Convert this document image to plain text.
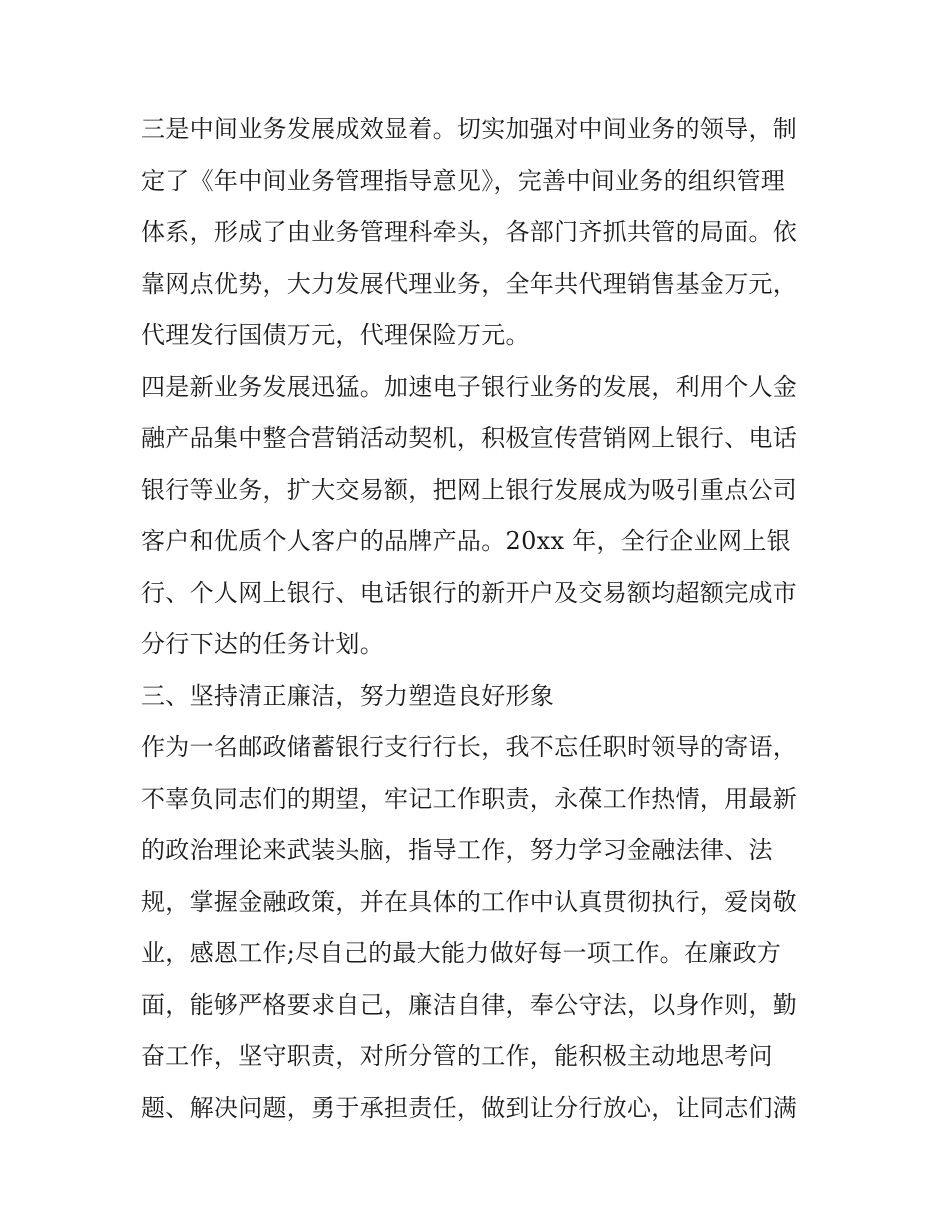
三是中间业务发展成效显着。切实加强对中间业务的领导，制
定了《年中间业务管理指导意见》，完善中间业务的组织管理
体系，形成了由业务管理科牵头，各部门齐抓共管的局面。依
靠网点优势，大力发展代理业务，全年共代理销售基金万元，
代理发行国债万元，代理保险万元。
四是新业务发展迅猛。加速电子银行业务的发展，利用个人金
融产品集中整合营销活动契机，积极宣传营销网上银行、电话
银行等业务，扩大交易额，把网上银行发展成为吸引重点公司
客户和优质个人客户的品牌产品。20xx 年，全行企业网上银
行、个人网上银行、电话银行的新开户及交易额均超额完成市
分行下达的任务计划。
三、坚持清正廉洁，努力塑造良好形象
作为一名邮政储蓄银行支行行长，我不忘任职时领导的寄语，
不辜负同志们的期望，牢记工作职责，永葆工作热情，用最新
的政治理论来武装头脑，指导工作，努力学习金融法律、法
规，掌握金融政策，并在具体的工作中认真贯彻执行，爱岗敬
业，感恩工作;尽自己的最大能力做好每一项工作。在廉政方
面，能够严格要求自己，廉洁自律，奉公守法，以身作则，勤
奋工作，坚守职责，对所分管的工作，能积极主动地思考问
题、解决问题，勇于承担责任，做到让分行放心，让同志们满
